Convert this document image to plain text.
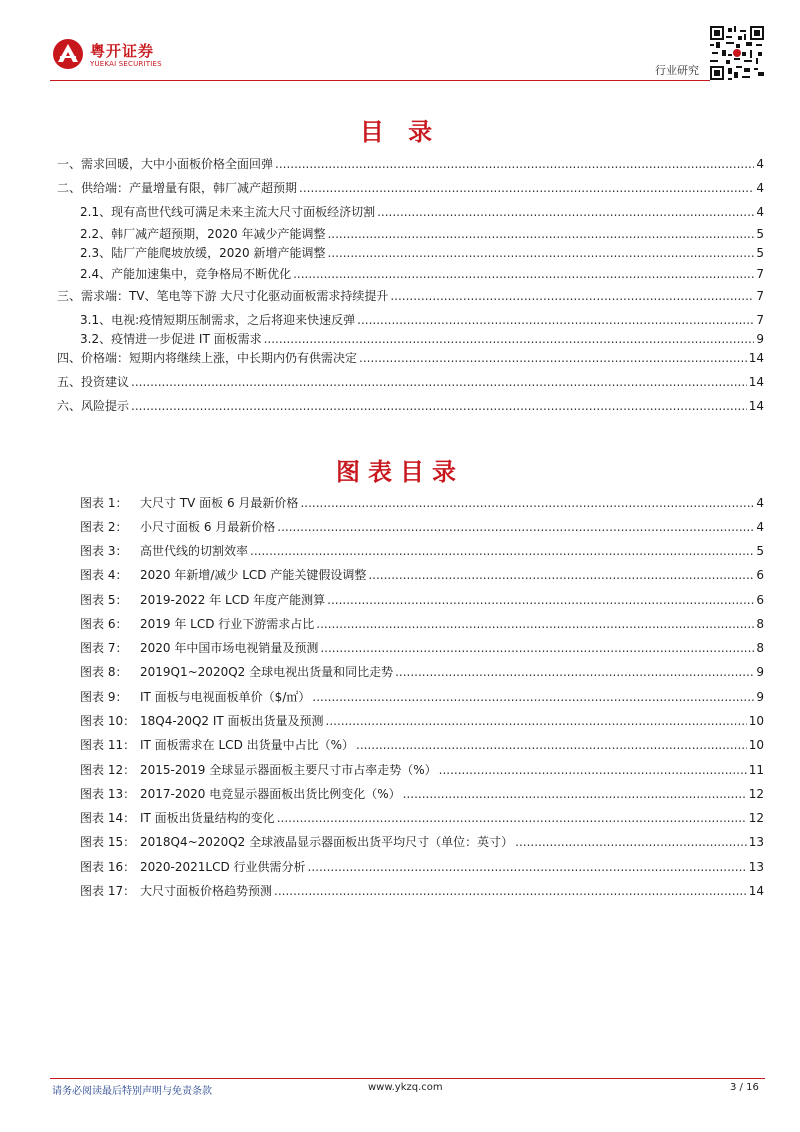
粤开证券
YUEKAI SECURITIES	行业研究
目 录
一、需求回暖，大中小面板价格全面回弹 .....	4
二、供给端：产量增量有限，韩厂减产超预期 .....	4
2.1、现有高世代线可满足未来主流大尺寸面板经济切割 .....	4
2.2、韩厂减产超预期，2020 年减少产能调整 .....	5
2.3、陆厂产能爬坡放缓，2020 新增产能调整 .....	5
2.4、产能加速集中，竞争格局不断优化 .....	7
三、需求端：TV、笔电等下游 大尺寸化驱动面板需求持续提升 .....	7
3.1、电视:疫情短期压制需求，之后将迎来快速反弹 .....	7
3.2、疫情进一步促进 IT 面板需求 .....	9
四、价格端：短期内将继续上涨，中长期内仍有供需决定 .....	14
五、投资建议 .....	14
六、风险提示 .....	14
图表目录
图表 1：	大尺寸 TV 面板 6 月最新价格 .....	4
图表 2：	小尺寸面板 6 月最新价格 .....	4
图表 3：	高世代线的切割效率 .....	5
图表 4：	2020 年新增/减少 LCD 产能关键假设调整 .....	6
图表 5：	2019-2022 年 LCD 年度产能测算 .....	6
图表 6：	2019 年 LCD 行业下游需求占比 .....	8
图表 7：	2020 年中国市场电视销量及预测 .....	8
图表 8：	2019Q1~2020Q2 全球电视出货量和同比走势 .....	9
图表 9：	IT 面板与电视面板单价（$/㎡） .....	9
图表 10： 18Q4-20Q2 IT 面板出货量及预测 .....	10
图表 11： IT 面板需求在 LCD 出货量中占比（%） .....	10
图表 12： 2015-2019 全球显示器面板主要尺寸市占率走势（%） .....	11
图表 13： 2017-2020 电竞显示器面板出货比例变化（%） .....	12
图表 14： IT 面板出货量结构的变化 .....	12
图表 15： 2018Q4~2020Q2 全球液晶显示器面板出货平均尺寸（单位：英寸） .....	13
图表 16： 2020-2021LCD 行业供需分析 .....	13
图表 17： 大尺寸面板价格趋势预测 .....	14
请务必阅读最后特别声明与免责条款	www.ykzq.com	3 / 16
